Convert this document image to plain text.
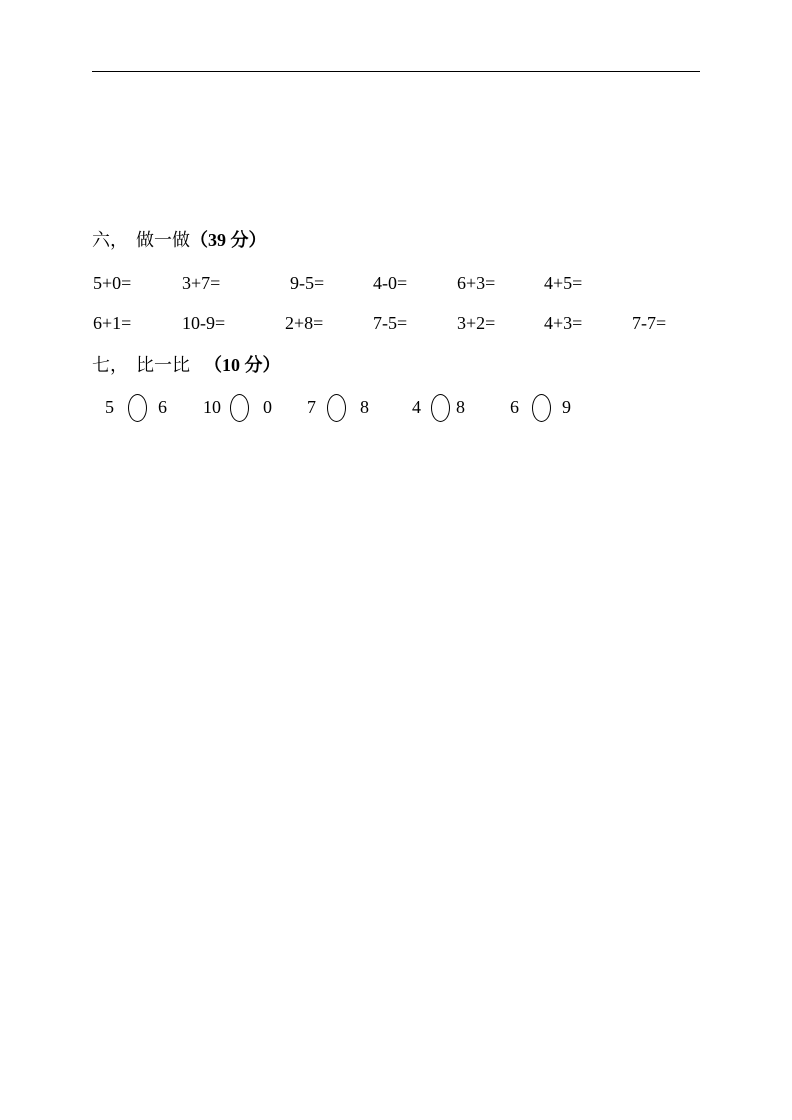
六， 做一做（39 分）
5+0=	3+7=	9-5=	4-0=	6+3=	4+5=
6+1=	10-9=	2+8=	7-5=	3+2=	4+3=	7-7=
七， 比一比 （10 分）
5 6 10 0 7 8 4 8	6 9
